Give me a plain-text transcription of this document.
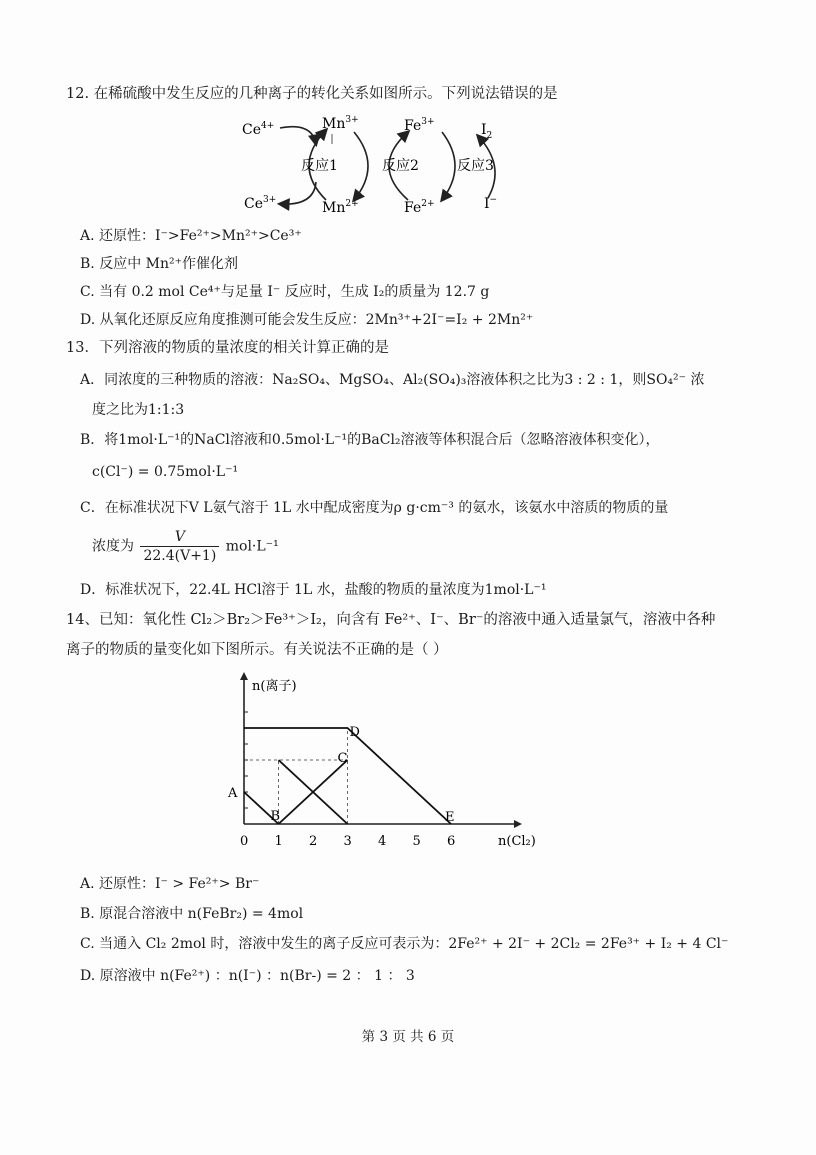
12. 在稀硫酸中发生反应的几种离子的转化关系如图所示。下列说法错误的是
$Ce^{4+}$
$Ce^{3+}$
$Mn^{3+}$
$Mn^{2+}$
$Fe^{3+}$
$Fe^{2+}$
$I_2$
I−
反应1	反应2	反应3
A. 还原性：I⁻>Fe²⁺>Mn²⁺>Ce³⁺
B. 反应中 Mn²⁺作催化剂
C. 当有 0.2 mol Ce⁴⁺与足量 I⁻ 反应时，生成 I₂的质量为 12.7 g
D. 从氧化还原反应角度推测可能会发生反应：2Mn³⁺+2I⁻=I₂ + 2Mn²⁺
13．下列溶液的物质的量浓度的相关计算正确的是
A．同浓度的三种物质的溶液：Na₂SO₄、MgSO₄、Al₂(SO₄)₃溶液体积之比为3 : 2 : 1，则SO₄²⁻ 浓
度之比为1:1:3
B．将1mol·L⁻¹的NaCl溶液和0.5mol·L⁻¹的BaCl₂溶液等体积混合后（忽略溶液体积变化），
c(Cl⁻) = 0.75mol·L⁻¹
C．在标准状况下V L氨气溶于 1L 水中配成密度为ρ g·cm⁻³ 的氨水，该氨水中溶质的物质的量
浓度为 $\frac{V}{22.4(V+1)} mol\cdot L^{-1}$
D．标准状况下，22.4L HCl溶于 1L 水，盐酸的物质的量浓度为1mol·L⁻¹
14、已知：氧化性 Cl₂＞Br₂＞Fe³⁺＞I₂，向含有 Fe²⁺、I⁻、Br⁻的溶液中通入适量氯气，溶液中各种
离子的物质的量变化如下图所示。有关说法不正确的是（ ）
0 1 2 3 4 5 6
n(离子)
n(Cl₂)
A
B
C
D
E
A. 还原性：I⁻ > Fe²⁺> Br⁻
B. 原混合溶液中 n(FeBr₂) = 4mol
C. 当通入 Cl₂ 2mol 时，溶液中发生的离子反应可表示为：2Fe²⁺ + 2I⁻ + 2Cl₂ = 2Fe³⁺ + I₂ + 4 Cl⁻
D. 原溶液中 n(Fe²⁺) ：n(I⁻) ：n(Br-) = 2 ： 1 ： 3
第 3 页 共 6 页
